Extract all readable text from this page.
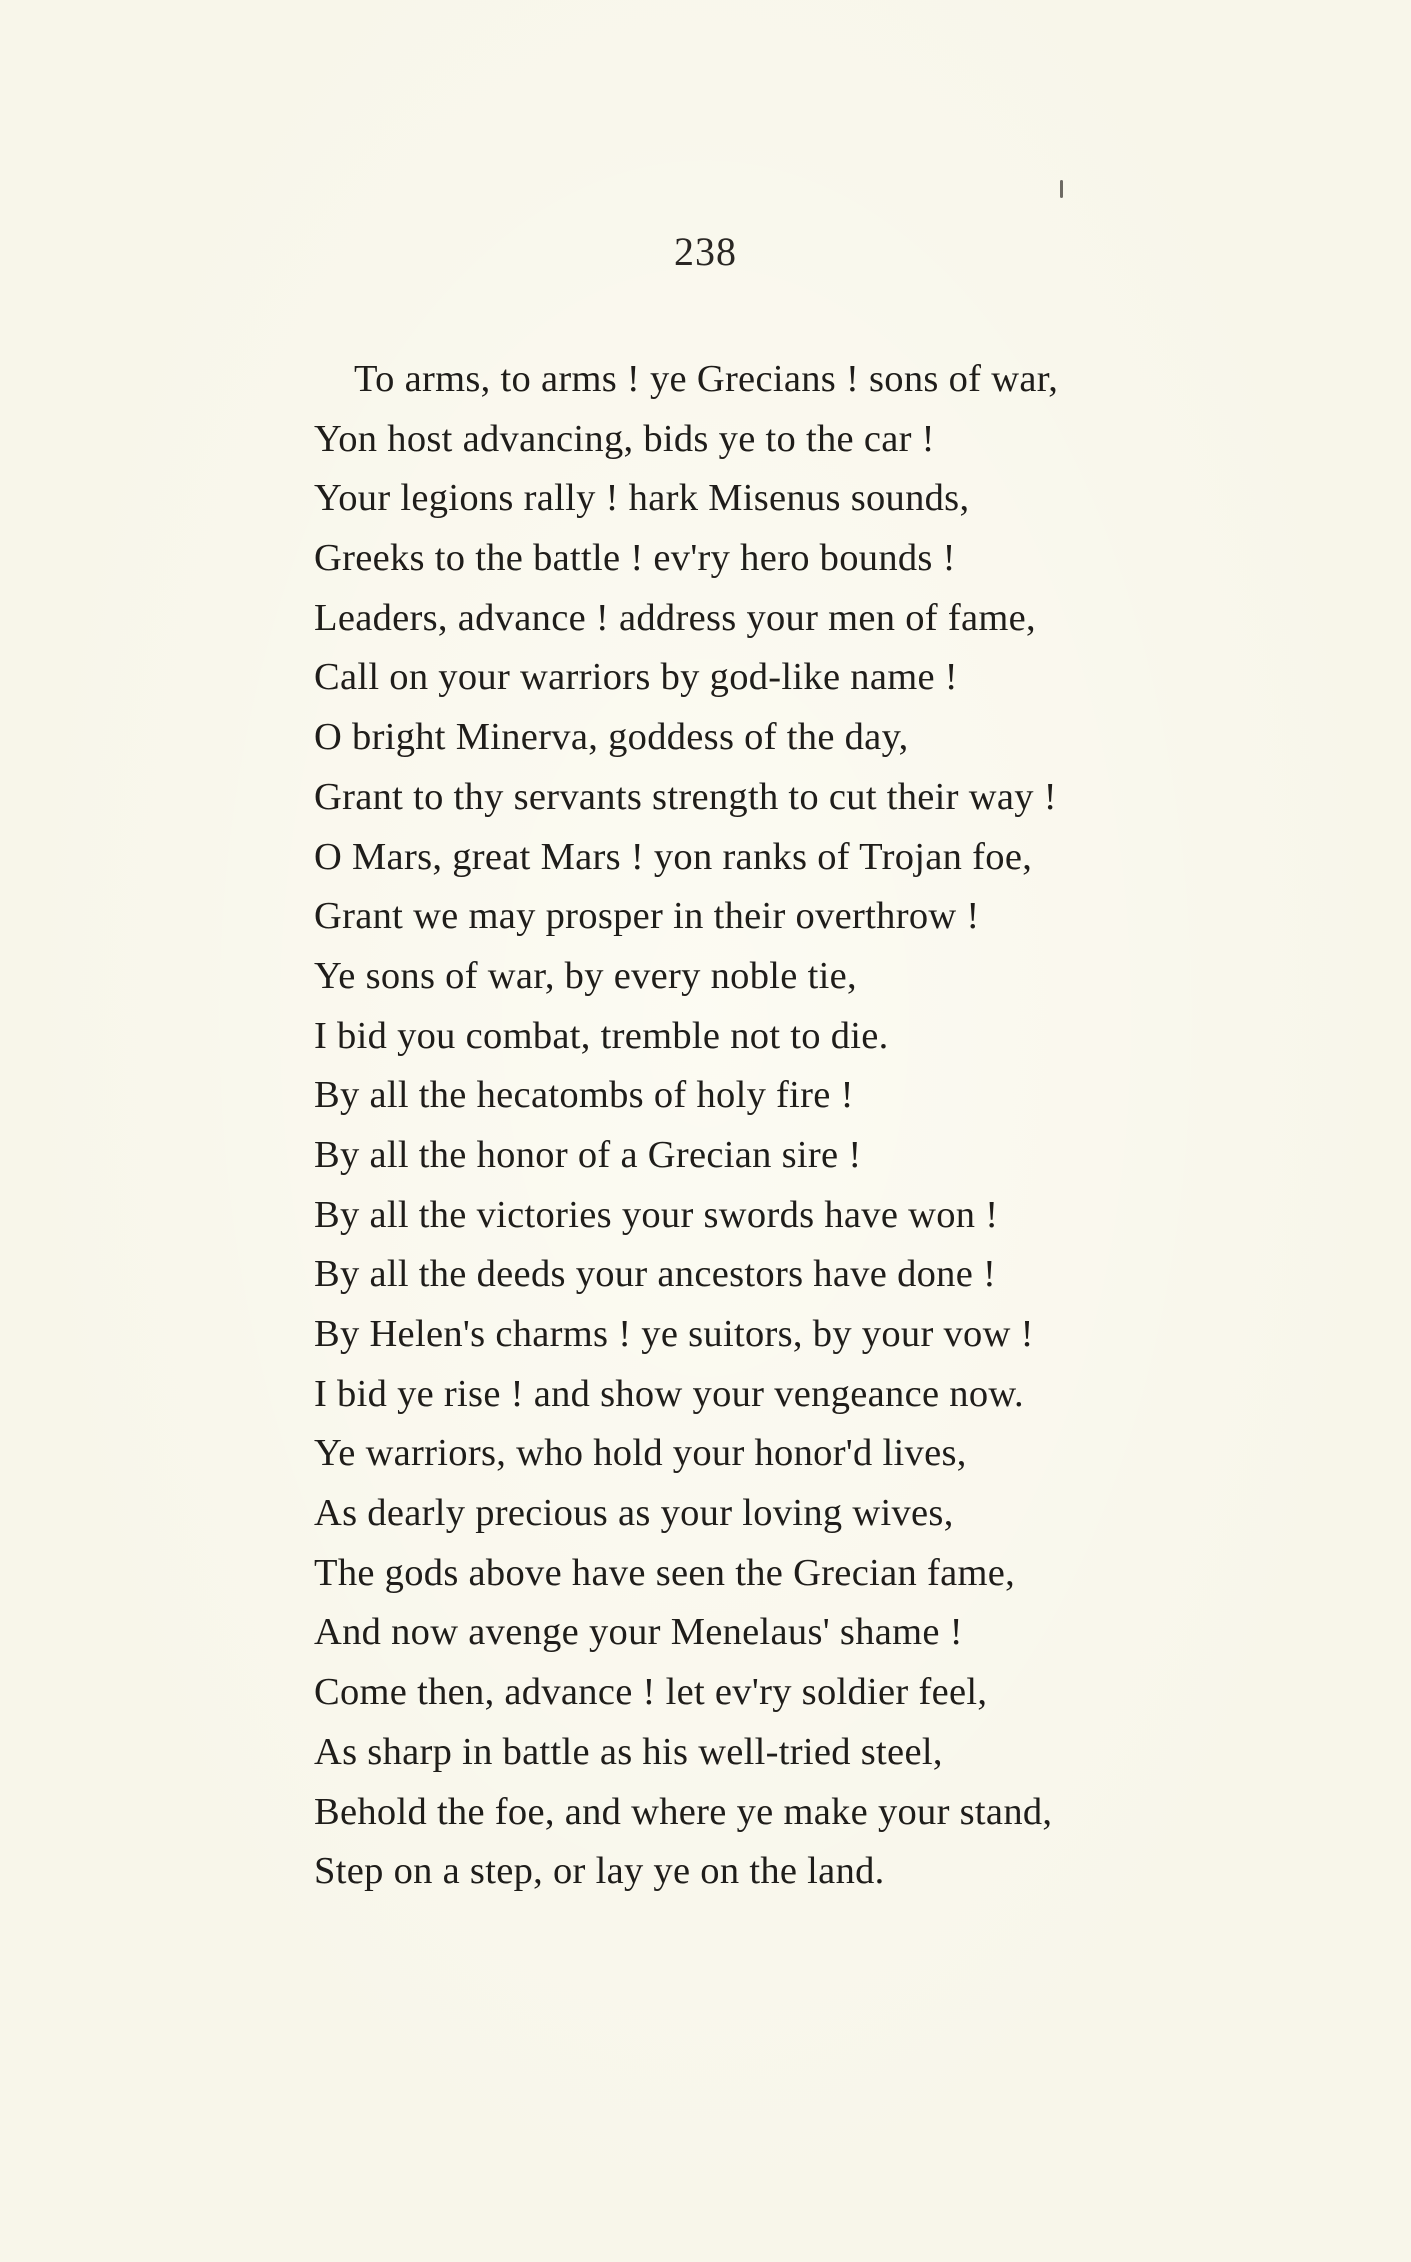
238
To arms, to arms ! ye Grecians ! sons of war,
Yon host advancing, bids ye to the car !
Your legions rally ! hark Misenus sounds,
Greeks to the battle ! ev'ry hero bounds !
Leaders, advance ! address your men of fame,
Call on your warriors by god-like name !
O bright Minerva, goddess of the day,
Grant to thy servants strength to cut their way !
O Mars, great Mars ! yon ranks of Trojan foe,
Grant we may prosper in their overthrow !
Ye sons of war, by every noble tie,
I bid you combat, tremble not to die.
By all the hecatombs of holy fire !
By all the honor of a Grecian sire !
By all the victories your swords have won !
By all the deeds your ancestors have done !
By Helen's charms ! ye suitors, by your vow !
I bid ye rise ! and show your vengeance now.
Ye warriors, who hold your honor'd lives,
As dearly precious as your loving wives,
The gods above have seen the Grecian fame,
And now avenge your Menelaus' shame !
Come then, advance ! let ev'ry soldier feel,
As sharp in battle as his well-tried steel,
Behold the foe, and where ye make your stand,
Step on a step, or lay ye on the land.
